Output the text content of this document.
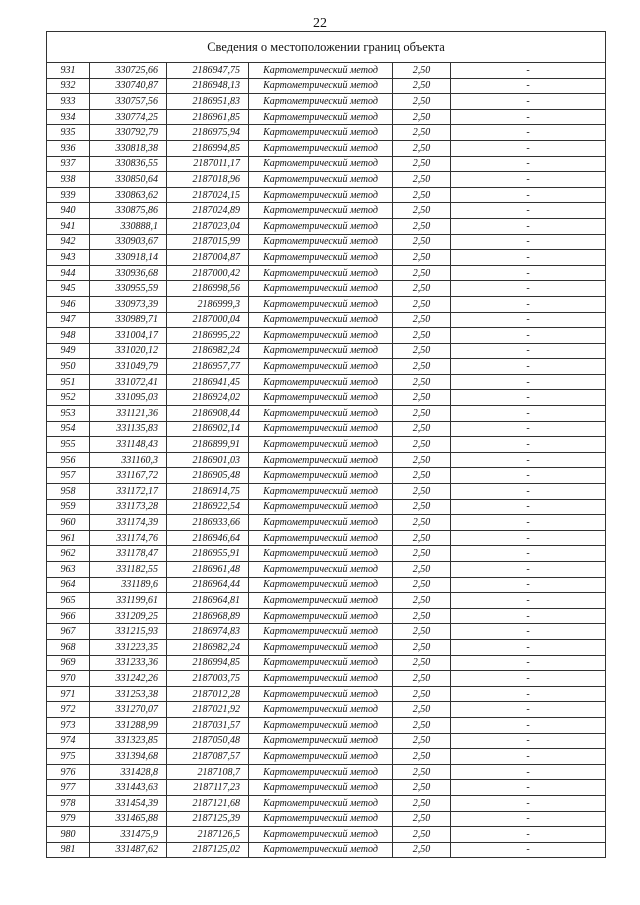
22
Сведения о местоположении границ объекта					
931	330725,66	2186947,75	Картометрический метод	2,50	-
932	330740,87	2186948,13	Картометрический метод	2,50	-
933	330757,56	2186951,83	Картометрический метод	2,50	-
934	330774,25	2186961,85	Картометрический метод	2,50	-
935	330792,79	2186975,94	Картометрический метод	2,50	-
936	330818,38	2186994,85	Картометрический метод	2,50	-
937	330836,55	2187011,17	Картометрический метод	2,50	-
938	330850,64	2187018,96	Картометрический метод	2,50	-
939	330863,62	2187024,15	Картометрический метод	2,50	-
940	330875,86	2187024,89	Картометрический метод	2,50	-
941	330888,1	2187023,04	Картометрический метод	2,50	-
942	330903,67	2187015,99	Картометрический метод	2,50	-
943	330918,14	2187004,87	Картометрический метод	2,50	-
944	330936,68	2187000,42	Картометрический метод	2,50	-
945	330955,59	2186998,56	Картометрический метод	2,50	-
946	330973,39	2186999,3	Картометрический метод	2,50	-
947	330989,71	2187000,04	Картометрический метод	2,50	-
948	331004,17	2186995,22	Картометрический метод	2,50	-
949	331020,12	2186982,24	Картометрический метод	2,50	-
950	331049,79	2186957,77	Картометрический метод	2,50	-
951	331072,41	2186941,45	Картометрический метод	2,50	-
952	331095,03	2186924,02	Картометрический метод	2,50	-
953	331121,36	2186908,44	Картометрический метод	2,50	-
954	331135,83	2186902,14	Картометрический метод	2,50	-
955	331148,43	2186899,91	Картометрический метод	2,50	-
956	331160,3	2186901,03	Картометрический метод	2,50	-
957	331167,72	2186905,48	Картометрический метод	2,50	-
958	331172,17	2186914,75	Картометрический метод	2,50	-
959	331173,28	2186922,54	Картометрический метод	2,50	-
960	331174,39	2186933,66	Картометрический метод	2,50	-
961	331174,76	2186946,64	Картометрический метод	2,50	-
962	331178,47	2186955,91	Картометрический метод	2,50	-
963	331182,55	2186961,48	Картометрический метод	2,50	-
964	331189,6	2186964,44	Картометрический метод	2,50	-
965	331199,61	2186964,81	Картометрический метод	2,50	-
966	331209,25	2186968,89	Картометрический метод	2,50	-
967	331215,93	2186974,83	Картометрический метод	2,50	-
968	331223,35	2186982,24	Картометрический метод	2,50	-
969	331233,36	2186994,85	Картометрический метод	2,50	-
970	331242,26	2187003,75	Картометрический метод	2,50	-
971	331253,38	2187012,28	Картометрический метод	2,50	-
972	331270,07	2187021,92	Картометрический метод	2,50	-
973	331288,99	2187031,57	Картометрический метод	2,50	-
974	331323,85	2187050,48	Картометрический метод	2,50	-
975	331394,68	2187087,57	Картометрический метод	2,50	-
976	331428,8	2187108,7	Картометрический метод	2,50	-
977	331443,63	2187117,23	Картометрический метод	2,50	-
978	331454,39	2187121,68	Картометрический метод	2,50	-
979	331465,88	2187125,39	Картометрический метод	2,50	-
980	331475,9	2187126,5	Картометрический метод	2,50	-
981	331487,62	2187125,02	Картометрический метод	2,50	-
